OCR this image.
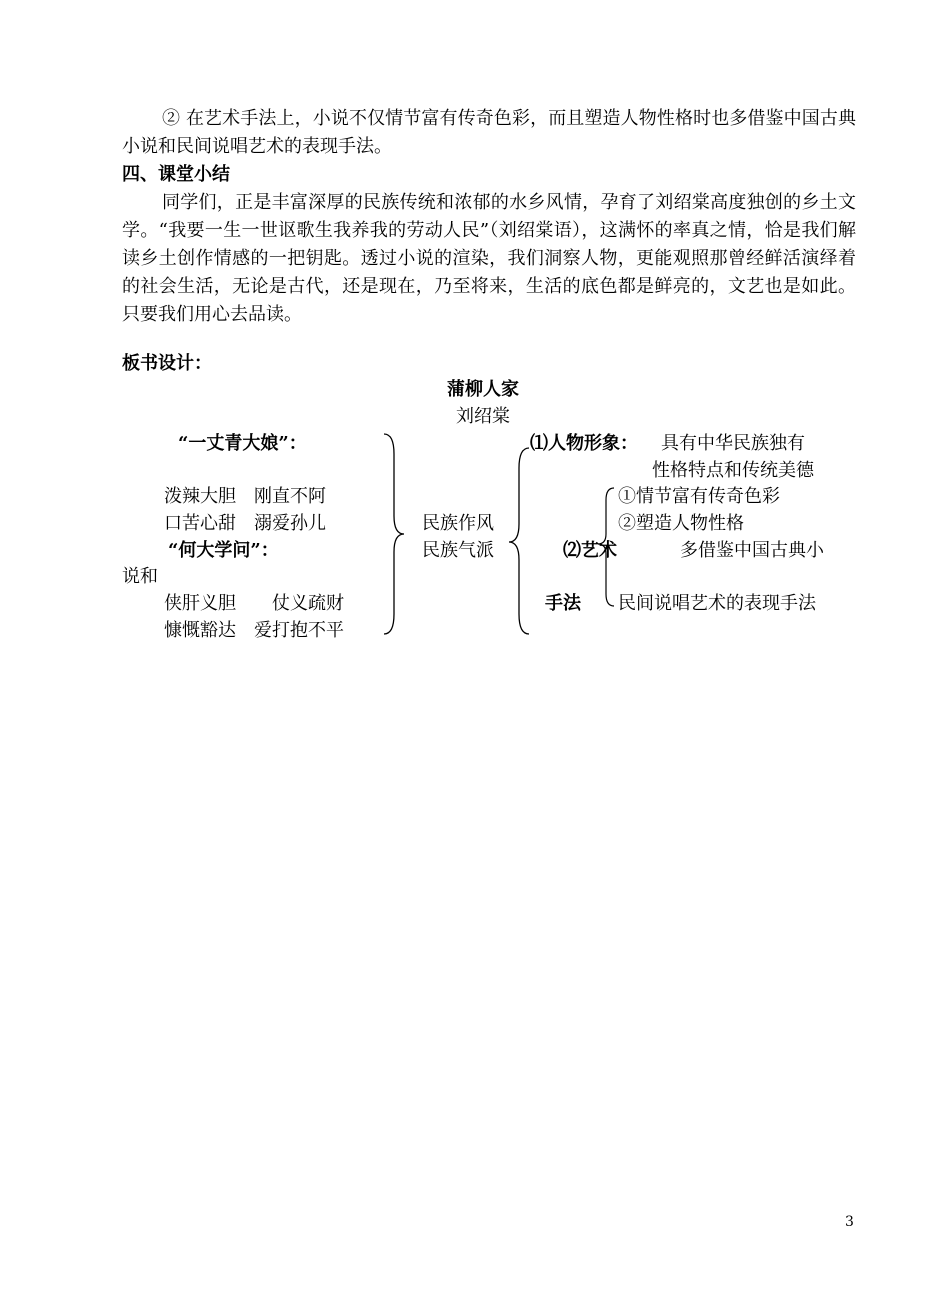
② 在艺术手法上，小说不仅情节富有传奇色彩，而且塑造人物性格时也多借鉴中国古典小说和民间说唱艺术的表现手法。
四、课堂小结
同学们，正是丰富深厚的民族传统和浓郁的水乡风情，孕育了刘绍棠高度独创的乡土文学。“我要一生一世讴歌生我养我的劳动人民”（刘绍棠语），这满怀的率真之情，恰是我们解读乡土创作情感的一把钥匙。透过小说的渲染，我们洞察人物，更能观照那曾经鲜活演绎着的社会生活，无论是古代，还是现在，乃至将来，生活的底色都是鲜亮的，文艺也是如此。只要我们用心去品读。
板书设计：
蒲柳人家
刘绍棠
“一丈青大娘”：
泼辣大胆　刚直不阿
口苦心甜　溺爱孙儿
“何大学问”：
说和
侠肝义胆　　仗义疏财
慷慨豁达　爱打抱不平
民族作风
民族气派
⑴人物形象： 具有中华民族独有
性格特点和传统美德
⑵艺术
手法
①情节富有传奇色彩
②塑造人物性格
多借鉴中国古典小
民间说唱艺术的表现手法
3
